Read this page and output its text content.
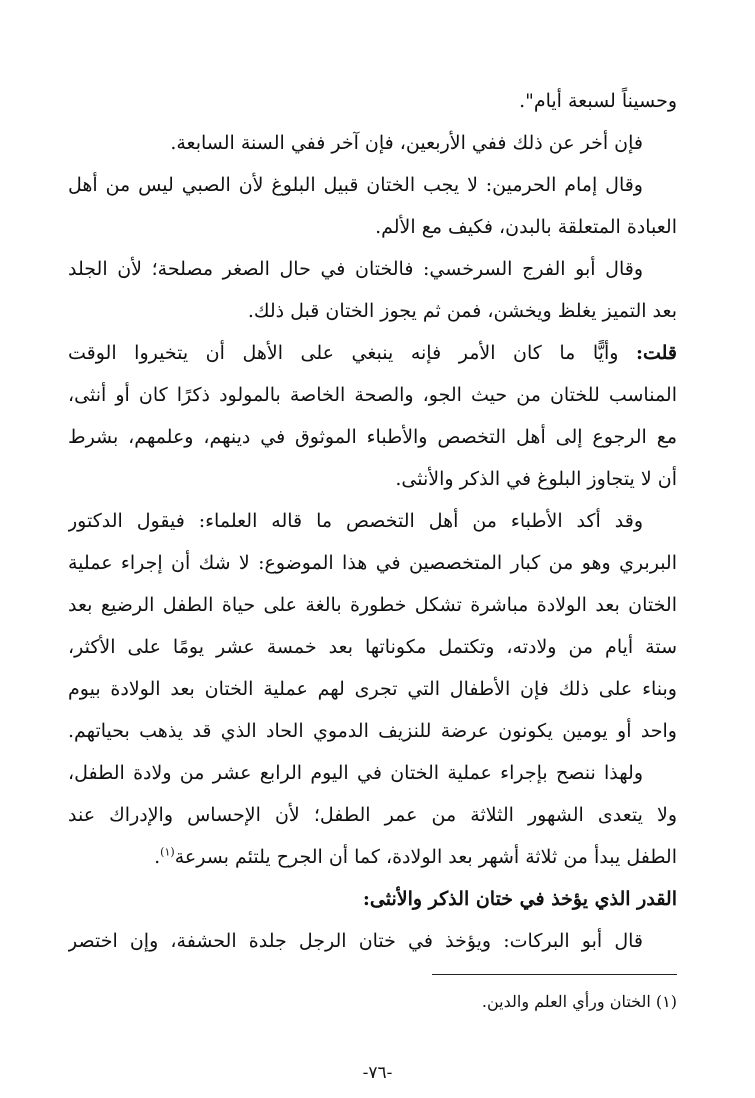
وحسيناً لسبعة أيام".
فإن أخر عن ذلك ففي الأربعين، فإن آخر ففي السنة السابعة.
وقال إمام الحرمين: لا يجب الختان قبيل البلوغ لأن الصبي ليس من أهل
العبادة المتعلقة بالبدن، فكيف مع الألم.
وقال أبو الفرج السرخسي: فالختان في حال الصغر مصلحة؛ لأن الجلد
بعد التميز يغلظ ويخشن، فمن ثم يجوز الختان قبل ذلك.
قلت: وأيًّا ما كان الأمر فإنه ينبغي على الأهل أن يتخيروا الوقت
المناسب للختان من حيث الجو، والصحة الخاصة بالمولود ذكرًا كان أو أنثى،
مع الرجوع إلى أهل التخصص والأطباء الموثوق في دينهم، وعلمهم، بشرط
أن لا يتجاوز البلوغ في الذكر والأنثى.
وقد أكد الأطباء من أهل التخصص ما قاله العلماء: فيقول الدكتور
البربري وهو من كبار المتخصصين في هذا الموضوع: لا شك أن إجراء عملية
الختان بعد الولادة مباشرة تشكل خطورة بالغة على حياة الطفل الرضيع بعد
ستة أيام من ولادته، وتكتمل مكوناتها بعد خمسة عشر يومًا على الأكثر،
وبناء على ذلك فإن الأطفال التي تجرى لهم عملية الختان بعد الولادة بيوم
واحد أو يومين يكونون عرضة للنزيف الدموي الحاد الذي قد يذهب بحياتهم.
ولهذا ننصح بإجراء عملية الختان في اليوم الرابع عشر من ولادة الطفل،
ولا يتعدى الشهور الثلاثة من عمر الطفل؛ لأن الإحساس والإدراك عند
الطفل يبدأ من ثلاثة أشهر بعد الولادة، كما أن الجرح يلتئم بسرعة$^{(١)}$.
القدر الذي يؤخذ في ختان الذكر والأنثى:
قال أبو البركات: ويؤخذ في ختان الرجل جلدة الحشفة، وإن اختصر
(١) الختان ورأي العلم والدين.
-٧٦-
